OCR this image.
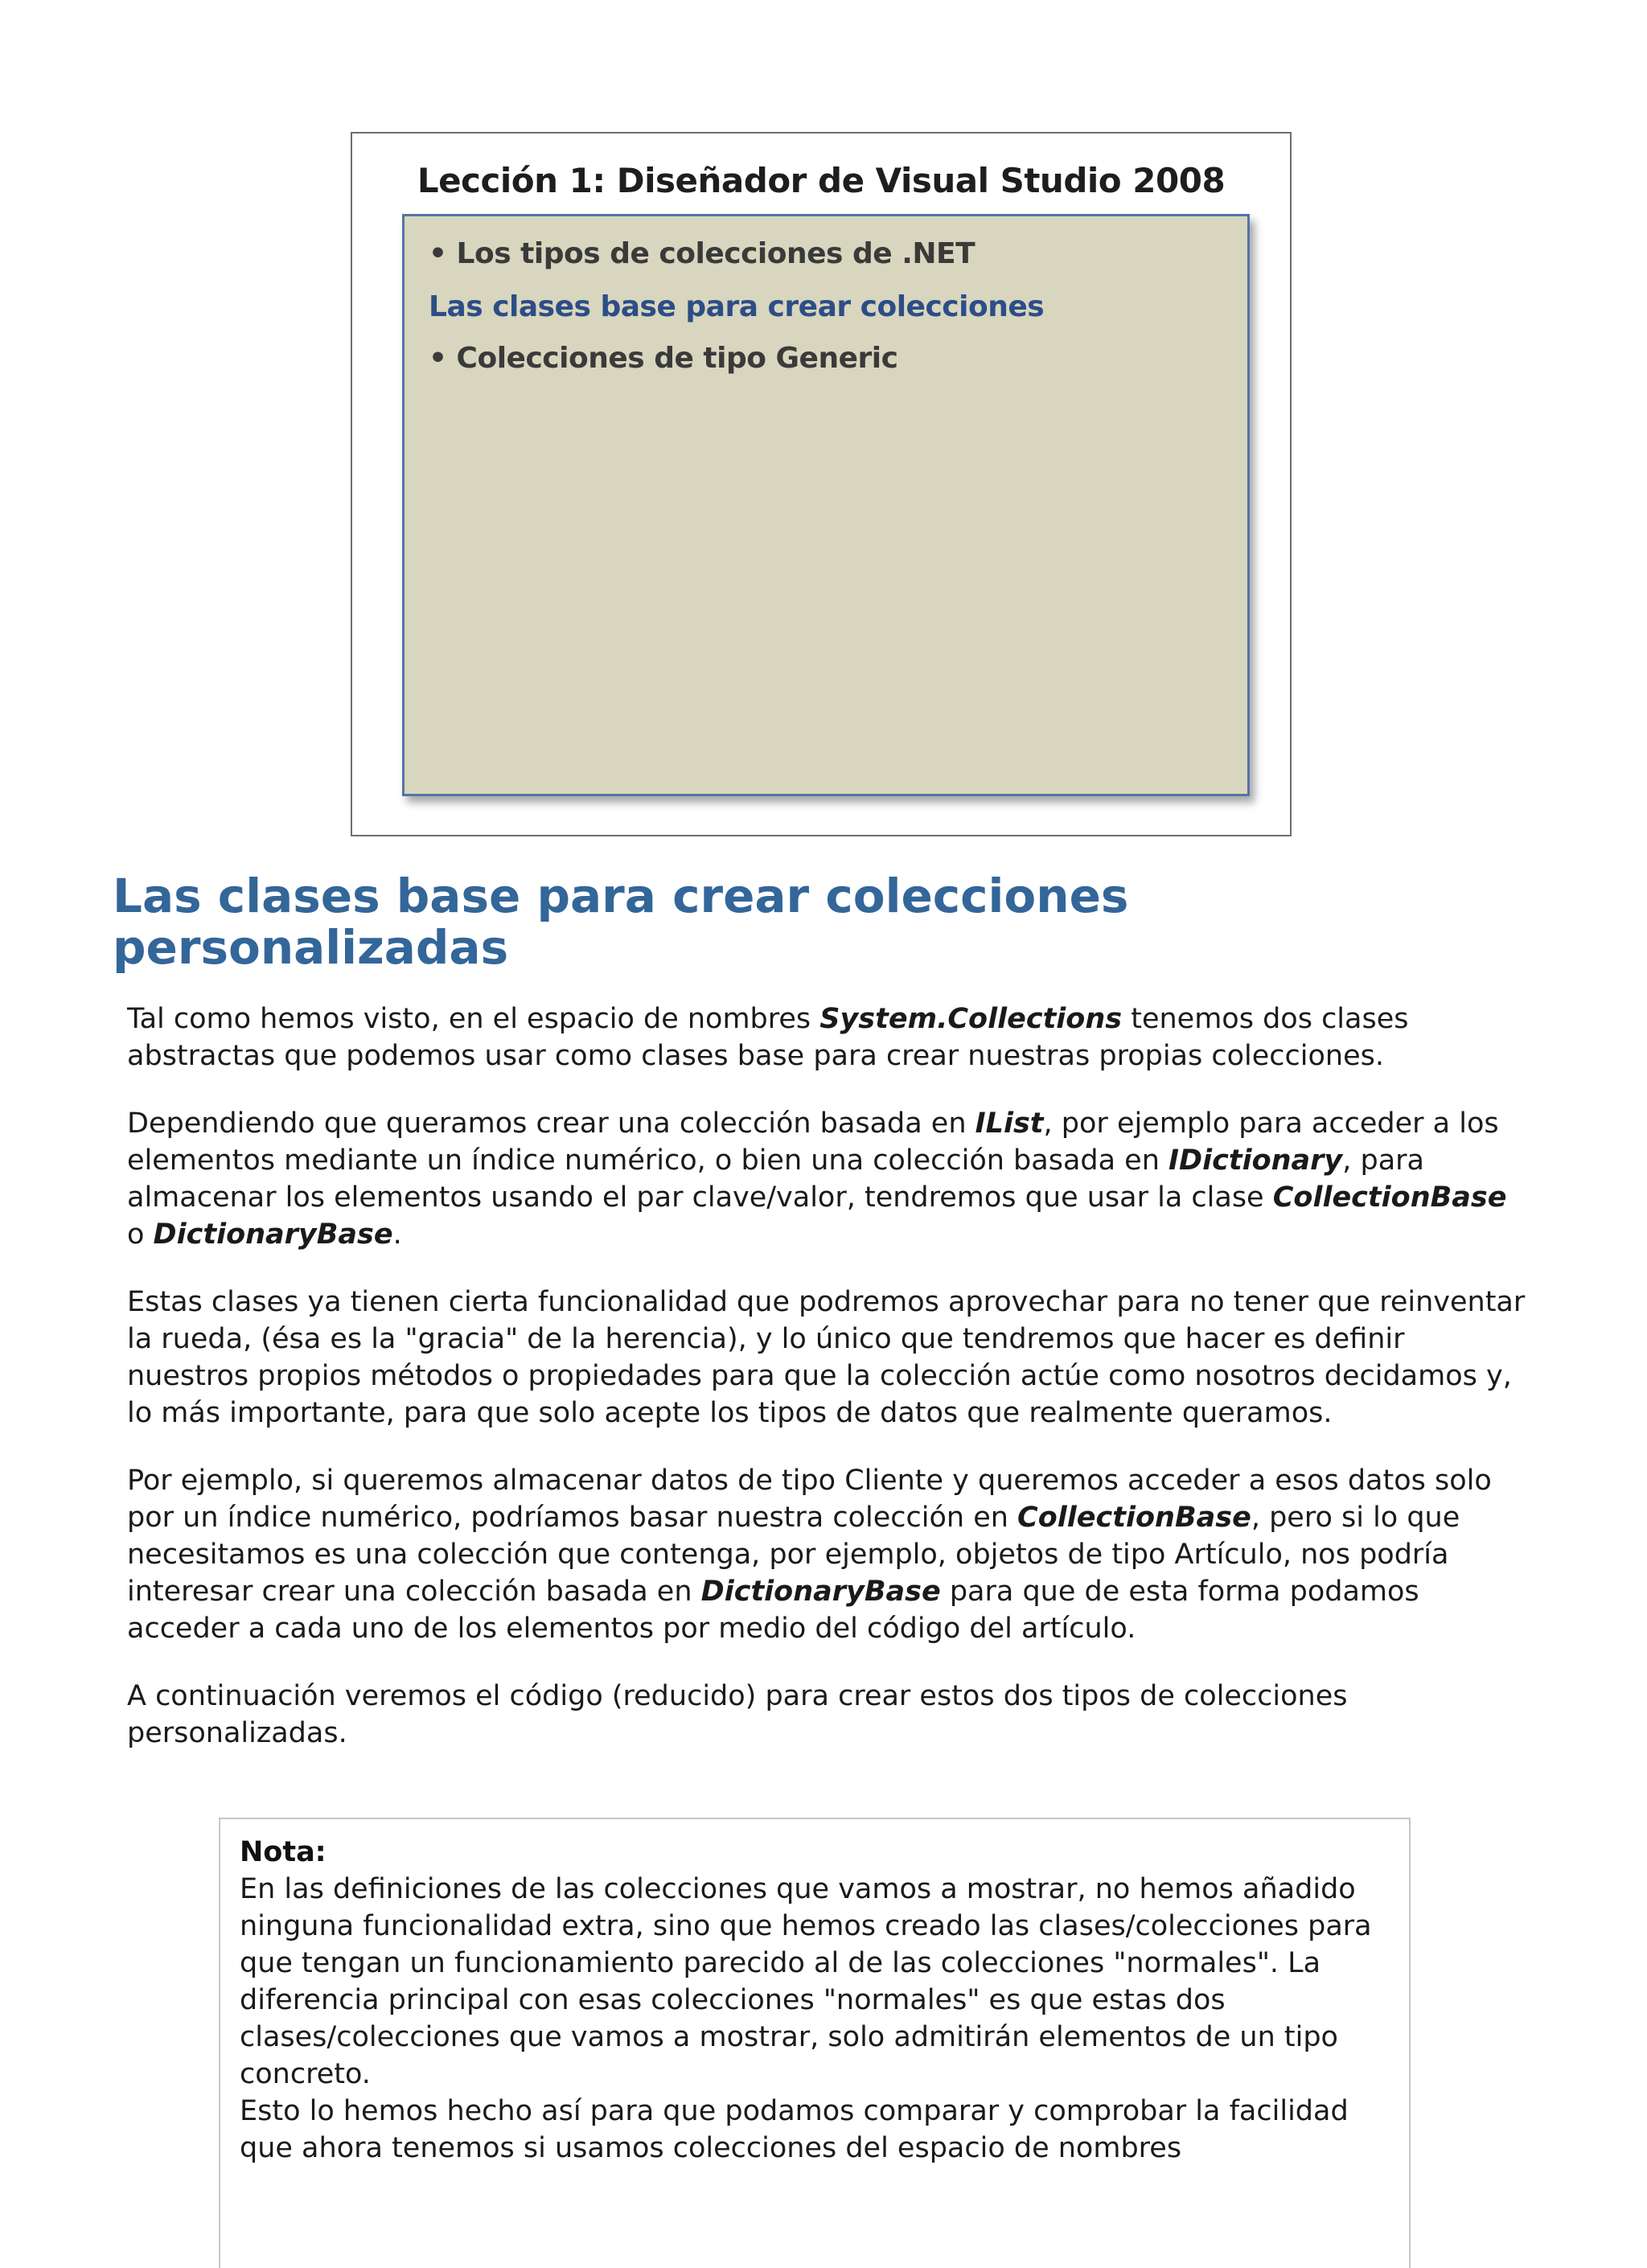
Lección 1: Diseñador de Visual Studio 2008
• Los tipos de colecciones de .NET
Las clases base para crear colecciones
• Colecciones de tipo Generic
Las clases base para crear colecciones personalizadas

Tal como hemos visto, en el espacio de nombres System.Collections tenemos dos clases abstractas que podemos usar como clases base para crear nuestras propias colecciones.

Dependiendo que queramos crear una colección basada en IList, por ejemplo para acceder a los elementos mediante un índice numérico, o bien una colección basada en IDictionary, para almacenar los elementos usando el par clave/valor, tendremos que usar la clase CollectionBase o DictionaryBase.

Estas clases ya tienen cierta funcionalidad que podremos aprovechar para no tener que reinventar la rueda, (ésa es la "gracia" de la herencia), y lo único que tendremos que hacer es definir nuestros propios métodos o propiedades para que la colección actúe como nosotros decidamos y, lo más importante, para que solo acepte los tipos de datos que realmente queramos.

Por ejemplo, si queremos almacenar datos de tipo Cliente y queremos acceder a esos datos solo por un índice numérico, podríamos basar nuestra colección en CollectionBase, pero si lo que necesitamos es una colección que contenga, por ejemplo, objetos de tipo Artículo, nos podría interesar crear una colección basada en DictionaryBase para que de esta forma podamos acceder a cada uno de los elementos por medio del código del artículo.

A continuación veremos el código (reducido) para crear estos dos tipos de colecciones personalizadas.

Nota:

En las definiciones de las colecciones que vamos a mostrar, no hemos añadido ninguna funcionalidad extra, sino que hemos creado las clases/colecciones para que tengan un funcionamiento parecido al de las colecciones "normales". La diferencia principal con esas colecciones "normales" es que estas dos clases/colecciones que vamos a mostrar, solo admitirán elementos de un tipo concreto.

Esto lo hemos hecho así para que podamos comparar y comprobar la facilidad que ahora tenemos si usamos colecciones del espacio de nombres
